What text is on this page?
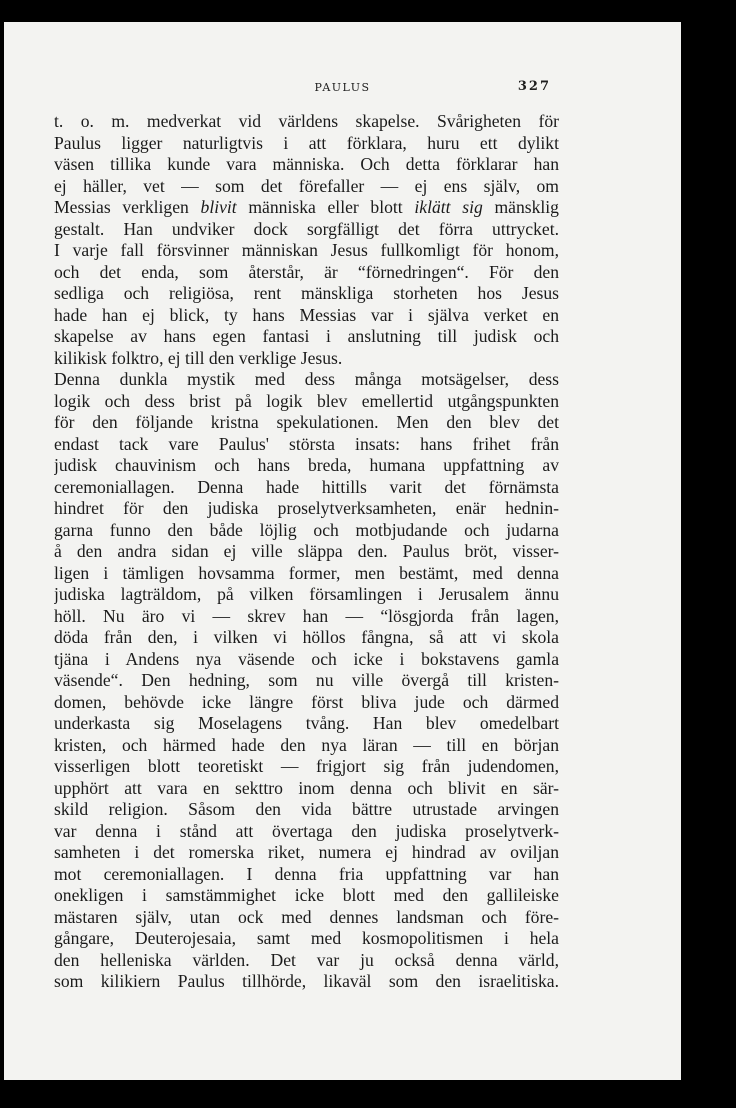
PAULUS	327
t. o. m. medverkat vid världens skapelse. Svårigheten för
Paulus ligger naturligtvis i att förklara, huru ett dylikt
väsen tillika kunde vara människa. Och detta förklarar han
ej häller, vet — som det förefaller — ej ens själv, om
Messias verkligen blivit människa eller blott iklätt sig mänsklig
gestalt. Han undviker dock sorgfälligt det förra uttrycket.
I varje fall försvinner människan Jesus fullkomligt för honom,
och det enda, som återstår, är “förnedringen“. För den
sedliga och religiösa, rent mänskliga storheten hos Jesus
hade han ej blick, ty hans Messias var i själva verket en
skapelse av hans egen fantasi i anslutning till judisk och
kilikisk folktro, ej till den verklige Jesus.
Denna dunkla mystik med dess många motsägelser, dess
logik och dess brist på logik blev emellertid utgångspunkten
för den följande kristna spekulationen. Men den blev det
endast tack vare Paulus' största insats: hans frihet från
judisk chauvinism och hans breda, humana uppfattning av
ceremoniallagen. Denna hade hittills varit det förnämsta
hindret för den judiska proselytverksamheten, enär hednin-
garna funno den både löjlig och motbjudande och judarna
å den andra sidan ej ville släppa den. Paulus bröt, visser-
ligen i tämligen hovsamma former, men bestämt, med denna
judiska lagträldom, på vilken församlingen i Jerusalem ännu
höll. Nu äro vi — skrev han — “lösgjorda från lagen,
döda från den, i vilken vi höllos fångna, så att vi skola
tjäna i Andens nya väsende och icke i bokstavens gamla
väsende“. Den hedning, som nu ville övergå till kristen-
domen, behövde icke längre först bliva jude och därmed
underkasta sig Moselagens tvång. Han blev omedelbart
kristen, och härmed hade den nya läran — till en början
visserligen blott teoretiskt — frigjort sig från judendomen,
upphört att vara en sekttro inom denna och blivit en sär-
skild religion. Såsom den vida bättre utrustade arvingen
var denna i stånd att övertaga den judiska proselytverk-
samheten i det romerska riket, numera ej hindrad av oviljan
mot ceremoniallagen. I denna fria uppfattning var han
onekligen i samstämmighet icke blott med den gallileiske
mästaren själv, utan ock med dennes landsman och före-
gångare, Deuterojesaia, samt med kosmopolitismen i hela
den helleniska världen. Det var ju också denna värld,
som kilikiern Paulus tillhörde, likaväl som den israelitiska.
